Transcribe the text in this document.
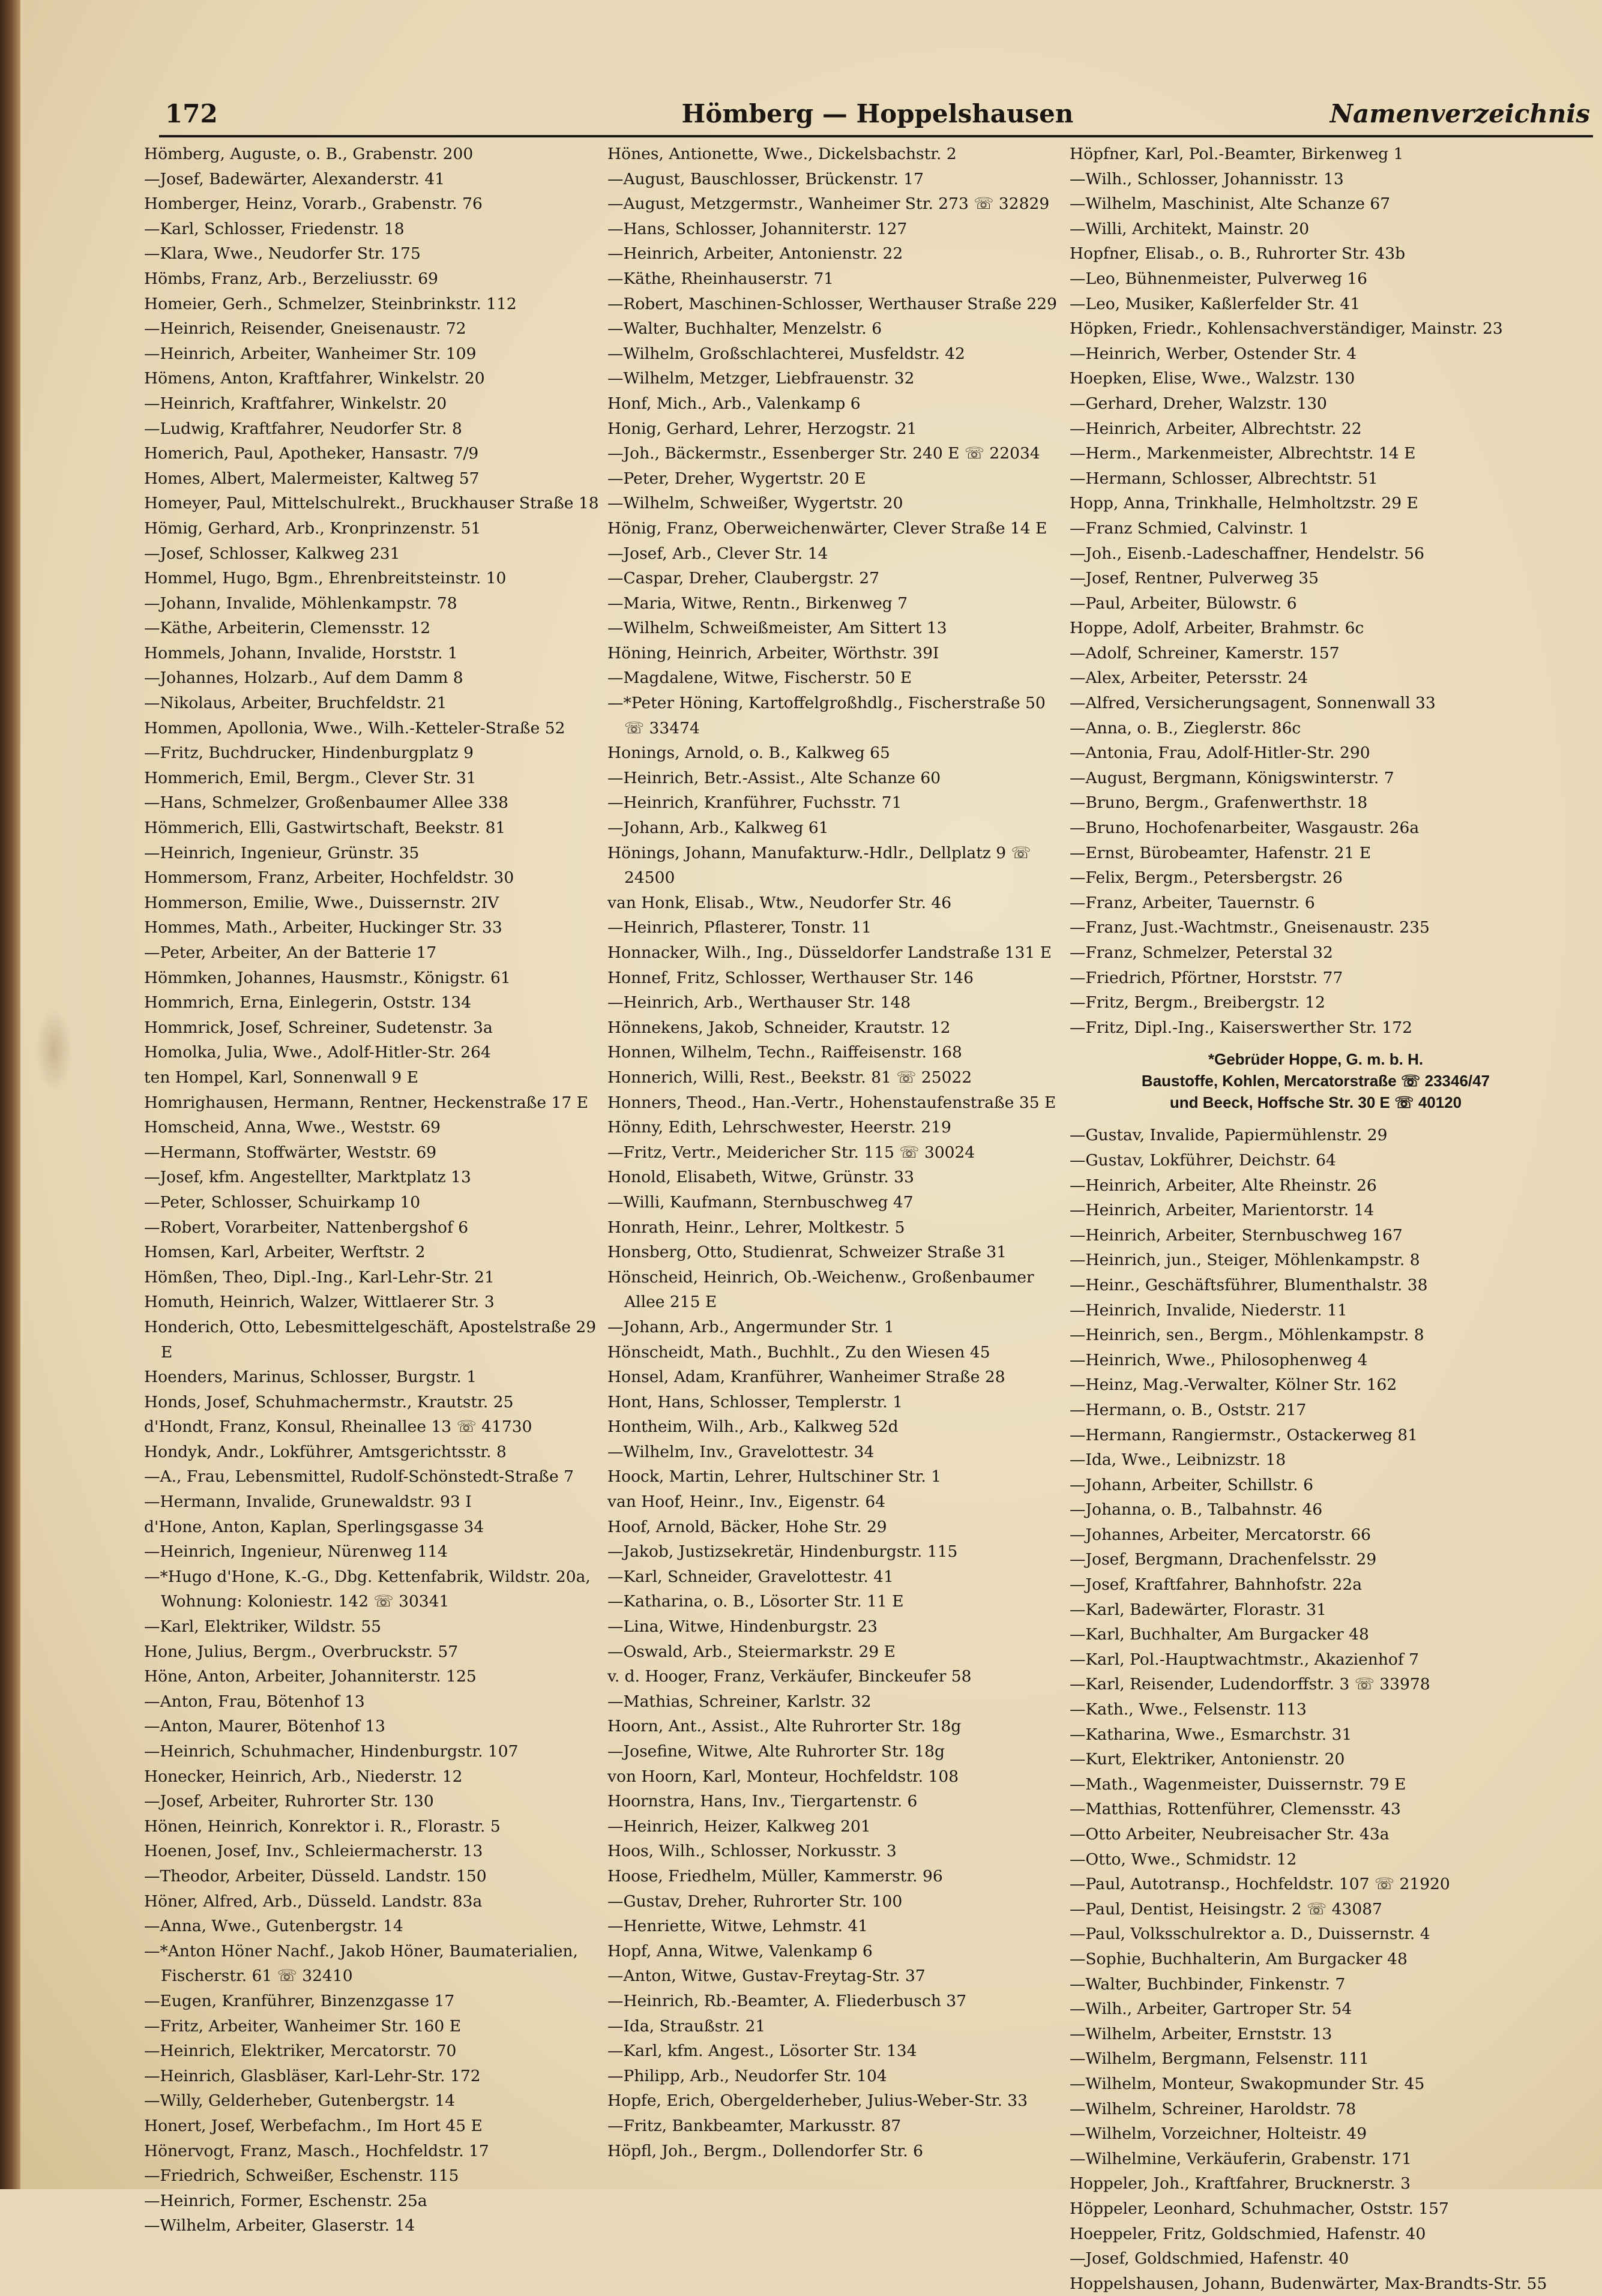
172	Hömberg — Hoppelshausen	Namenverzeichnis

Hömberg, Auguste, o. B., Grabenstr. 200

—Josef, Badewärter, Alexanderstr. 41

Homberger, Heinz, Vorarb., Grabenstr. 76

—Karl, Schlosser, Friedenstr. 18

—Klara, Wwe., Neudorfer Str. 175

Hömbs, Franz, Arb., Berzeliusstr. 69

Homeier, Gerh., Schmelzer, Steinbrinkstr. 112

—Heinrich, Reisender, Gneisenaustr. 72

—Heinrich, Arbeiter, Wanheimer Str. 109

Hömens, Anton, Kraftfahrer, Winkelstr. 20

—Heinrich, Kraftfahrer, Winkelstr. 20

—Ludwig, Kraftfahrer, Neudorfer Str. 8

Homerich, Paul, Apotheker, Hansastr. 7/9

Homes, Albert, Malermeister, Kaltweg 57

Homeyer, Paul, Mittelschulrekt., Bruckhauser Straße 18

Hömig, Gerhard, Arb., Kronprinzenstr. 51

—Josef, Schlosser, Kalkweg 231

Hommel, Hugo, Bgm., Ehrenbreitsteinstr. 10

—Johann, Invalide, Möhlenkampstr. 78

—Käthe, Arbeiterin, Clemensstr. 12

Hommels, Johann, Invalide, Horststr. 1

—Johannes, Holzarb., Auf dem Damm 8

—Nikolaus, Arbeiter, Bruchfeldstr. 21

Hommen, Apollonia, Wwe., Wilh.-Ketteler-Straße 52

—Fritz, Buchdrucker, Hindenburgplatz 9

Hommerich, Emil, Bergm., Clever Str. 31

—Hans, Schmelzer, Großenbaumer Allee 338

Hömmerich, Elli, Gastwirtschaft, Beekstr. 81

—Heinrich, Ingenieur, Grünstr. 35

Hommersom, Franz, Arbeiter, Hochfeldstr. 30

Hommerson, Emilie, Wwe., Duissernstr. 2IV

Hommes, Math., Arbeiter, Huckinger Str. 33

—Peter, Arbeiter, An der Batterie 17

Hömmken, Johannes, Hausmstr., Königstr. 61

Hommrich, Erna, Einlegerin, Oststr. 134

Hommrick, Josef, Schreiner, Sudetenstr. 3a

Homolka, Julia, Wwe., Adolf-Hitler-Str. 264

ten Hompel, Karl, Sonnenwall 9 E

Homrighausen, Hermann, Rentner, Heckenstraße 17 E

Homscheid, Anna, Wwe., Weststr. 69

—Hermann, Stoffwärter, Weststr. 69

—Josef, kfm. Angestellter, Marktplatz 13

—Peter, Schlosser, Schuirkamp 10

—Robert, Vorarbeiter, Nattenbergshof 6

Homsen, Karl, Arbeiter, Werftstr. 2

Hömßen, Theo, Dipl.-Ing., Karl-Lehr-Str. 21

Homuth, Heinrich, Walzer, Wittlaerer Str. 3

Honderich, Otto, Lebesmittelgeschäft, Apostelstraße 29 E

Hoenders, Marinus, Schlosser, Burgstr. 1

Honds, Josef, Schuhmachermstr., Krautstr. 25

d'Hondt, Franz, Konsul, Rheinallee 13 ☏ 41730

Hondyk, Andr., Lokführer, Amtsgerichtsstr. 8

—A., Frau, Lebensmittel, Rudolf-Schönstedt-Straße 7

—Hermann, Invalide, Grunewaldstr. 93 I

d'Hone, Anton, Kaplan, Sperlingsgasse 34

—Heinrich, Ingenieur, Nürenweg 114

—*Hugo d'Hone, K.-G., Dbg. Kettenfabrik, Wildstr. 20a, Wohnung: Koloniestr. 142 ☏ 30341

—Karl, Elektriker, Wildstr. 55

Hone, Julius, Bergm., Overbruckstr. 57

Höne, Anton, Arbeiter, Johanniterstr. 125

—Anton, Frau, Bötenhof 13

—Anton, Maurer, Bötenhof 13

—Heinrich, Schuhmacher, Hindenburgstr. 107

Honecker, Heinrich, Arb., Niederstr. 12

—Josef, Arbeiter, Ruhrorter Str. 130

Hönen, Heinrich, Konrektor i. R., Florastr. 5

Hoenen, Josef, Inv., Schleiermacherstr. 13

—Theodor, Arbeiter, Düsseld. Landstr. 150

Höner, Alfred, Arb., Düsseld. Landstr. 83a

—Anna, Wwe., Gutenbergstr. 14

—*Anton Höner Nachf., Jakob Höner, Baumaterialien, Fischerstr. 61 ☏ 32410

—Eugen, Kranführer, Binzenzgasse 17

—Fritz, Arbeiter, Wanheimer Str. 160 E

—Heinrich, Elektriker, Mercatorstr. 70

—Heinrich, Glasbläser, Karl-Lehr-Str. 172

—Willy, Gelderheber, Gutenbergstr. 14

Honert, Josef, Werbefachm., Im Hort 45 E

Hönervogt, Franz, Masch., Hochfeldstr. 17

—Friedrich, Schweißer, Eschenstr. 115

—Heinrich, Former, Eschenstr. 25a

—Wilhelm, Arbeiter, Glaserstr. 14

Hönes, Antionette, Wwe., Dickelsbachstr. 2

—August, Bauschlosser, Brückenstr. 17

—August, Metzgermstr., Wanheimer Str. 273 ☏ 32829

—Hans, Schlosser, Johanniterstr. 127

—Heinrich, Arbeiter, Antonienstr. 22

—Käthe, Rheinhauserstr. 71

—Robert, Maschinen-Schlosser, Werthauser Straße 229

—Walter, Buchhalter, Menzelstr. 6

—Wilhelm, Großschlachterei, Musfeldstr. 42

—Wilhelm, Metzger, Liebfrauenstr. 32

Honf, Mich., Arb., Valenkamp 6

Honig, Gerhard, Lehrer, Herzogstr. 21

—Joh., Bäckermstr., Essenberger Str. 240 E ☏ 22034

—Peter, Dreher, Wygertstr. 20 E

—Wilhelm, Schweißer, Wygertstr. 20

Hönig, Franz, Oberweichenwärter, Clever Straße 14 E

—Josef, Arb., Clever Str. 14

—Caspar, Dreher, Claubergstr. 27

—Maria, Witwe, Rentn., Birkenweg 7

—Wilhelm, Schweißmeister, Am Sittert 13

Höning, Heinrich, Arbeiter, Wörthstr. 39I

—Magdalene, Witwe, Fischerstr. 50 E

—*Peter Höning, Kartoffelgroßhdlg., Fischerstraße 50 ☏ 33474

Honings, Arnold, o. B., Kalkweg 65

—Heinrich, Betr.-Assist., Alte Schanze 60

—Heinrich, Kranführer, Fuchsstr. 71

—Johann, Arb., Kalkweg 61

Hönings, Johann, Manufakturw.-Hdlr., Dellplatz 9 ☏ 24500

van Honk, Elisab., Wtw., Neudorfer Str. 46

—Heinrich, Pflasterer, Tonstr. 11

Honnacker, Wilh., Ing., Düsseldorfer Landstraße 131 E

Honnef, Fritz, Schlosser, Werthauser Str. 146

—Heinrich, Arb., Werthauser Str. 148

Hönnekens, Jakob, Schneider, Krautstr. 12

Honnen, Wilhelm, Techn., Raiffeisenstr. 168

Honnerich, Willi, Rest., Beekstr. 81 ☏ 25022

Honners, Theod., Han.-Vertr., Hohenstaufenstraße 35 E

Hönny, Edith, Lehrschwester, Heerstr. 219

—Fritz, Vertr., Meidericher Str. 115 ☏ 30024

Honold, Elisabeth, Witwe, Grünstr. 33

—Willi, Kaufmann, Sternbuschweg 47

Honrath, Heinr., Lehrer, Moltkestr. 5

Honsberg, Otto, Studienrat, Schweizer Straße 31

Hönscheid, Heinrich, Ob.-Weichenw., Großenbaumer Allee 215 E

—Johann, Arb., Angermunder Str. 1

Hönscheidt, Math., Buchhlt., Zu den Wiesen 45

Honsel, Adam, Kranführer, Wanheimer Straße 28

Hont, Hans, Schlosser, Templerstr. 1

Hontheim, Wilh., Arb., Kalkweg 52d

—Wilhelm, Inv., Gravelottestr. 34

Hoock, Martin, Lehrer, Hultschiner Str. 1

van Hoof, Heinr., Inv., Eigenstr. 64

Hoof, Arnold, Bäcker, Hohe Str. 29

—Jakob, Justizsekretär, Hindenburgstr. 115

—Karl, Schneider, Gravelottestr. 41

—Katharina, o. B., Lösorter Str. 11 E

—Lina, Witwe, Hindenburgstr. 23

—Oswald, Arb., Steiermarkstr. 29 E

v. d. Hooger, Franz, Verkäufer, Binckeufer 58

—Mathias, Schreiner, Karlstr. 32

Hoorn, Ant., Assist., Alte Ruhrorter Str. 18g

—Josefine, Witwe, Alte Ruhrorter Str. 18g

von Hoorn, Karl, Monteur, Hochfeldstr. 108

Hoornstra, Hans, Inv., Tiergartenstr. 6

—Heinrich, Heizer, Kalkweg 201

Hoos, Wilh., Schlosser, Norkusstr. 3

Hoose, Friedhelm, Müller, Kammerstr. 96

—Gustav, Dreher, Ruhrorter Str. 100

—Henriette, Witwe, Lehmstr. 41

Hopf, Anna, Witwe, Valenkamp 6

—Anton, Witwe, Gustav-Freytag-Str. 37

—Heinrich, Rb.-Beamter, A. Fliederbusch 37

—Ida, Straußstr. 21

—Karl, kfm. Angest., Lösorter Str. 134

—Philipp, Arb., Neudorfer Str. 104

Hopfe, Erich, Obergelderheber, Julius-Weber-Str. 33

—Fritz, Bankbeamter, Markusstr. 87

Höpfl, Joh., Bergm., Dollendorfer Str. 6

Höpfner, Karl, Pol.-Beamter, Birkenweg 1

—Wilh., Schlosser, Johannisstr. 13

—Wilhelm, Maschinist, Alte Schanze 67

—Willi, Architekt, Mainstr. 20

Hopfner, Elisab., o. B., Ruhrorter Str. 43b

—Leo, Bühnenmeister, Pulverweg 16

—Leo, Musiker, Kaßlerfelder Str. 41

Höpken, Friedr., Kohlensachverständiger, Mainstr. 23

—Heinrich, Werber, Ostender Str. 4

Hoepken, Elise, Wwe., Walzstr. 130

—Gerhard, Dreher, Walzstr. 130

—Heinrich, Arbeiter, Albrechtstr. 22

—Herm., Markenmeister, Albrechtstr. 14 E

—Hermann, Schlosser, Albrechtstr. 51

Hopp, Anna, Trinkhalle, Helmholtzstr. 29 E

—Franz Schmied, Calvinstr. 1

—Joh., Eisenb.-Ladeschaffner, Hendelstr. 56

—Josef, Rentner, Pulverweg 35

—Paul, Arbeiter, Bülowstr. 6

Hoppe, Adolf, Arbeiter, Brahmstr. 6c

—Adolf, Schreiner, Kamerstr. 157

—Alex, Arbeiter, Petersstr. 24

—Alfred, Versicherungsagent, Sonnenwall 33

—Anna, o. B., Zieglerstr. 86c

—Antonia, Frau, Adolf-Hitler-Str. 290

—August, Bergmann, Königswinterstr. 7

—Bruno, Bergm., Grafenwerthstr. 18

—Bruno, Hochofenarbeiter, Wasgaustr. 26a

—Ernst, Bürobeamter, Hafenstr. 21 E

—Felix, Bergm., Petersbergstr. 26

—Franz, Arbeiter, Tauernstr. 6

—Franz, Just.-Wachtmstr., Gneisenaustr. 235

—Franz, Schmelzer, Peterstal 32

—Friedrich, Pförtner, Horststr. 77

—Fritz, Bergm., Breibergstr. 12

—Fritz, Dipl.-Ing., Kaiserswerther Str. 172

*Gebrüder Hoppe, G. m. b. H.
Baustoffe, Kohlen, Mercatorstraße ☏ 23346/47
und Beeck, Hoffsche Str. 30 E ☏ 40120

—Gustav, Invalide, Papiermühlenstr. 29

—Gustav, Lokführer, Deichstr. 64

—Heinrich, Arbeiter, Alte Rheinstr. 26

—Heinrich, Arbeiter, Marientorstr. 14

—Heinrich, Arbeiter, Sternbuschweg 167

—Heinrich, jun., Steiger, Möhlenkampstr. 8

—Heinr., Geschäftsführer, Blumenthalstr. 38

—Heinrich, Invalide, Niederstr. 11

—Heinrich, sen., Bergm., Möhlenkampstr. 8

—Heinrich, Wwe., Philosophenweg 4

—Heinz, Mag.-Verwalter, Kölner Str. 162

—Hermann, o. B., Oststr. 217

—Hermann, Rangiermstr., Ostackerweg 81

—Ida, Wwe., Leibnizstr. 18

—Johann, Arbeiter, Schillstr. 6

—Johanna, o. B., Talbahnstr. 46

—Johannes, Arbeiter, Mercatorstr. 66

—Josef, Bergmann, Drachenfelsstr. 29

—Josef, Kraftfahrer, Bahnhofstr. 22a

—Karl, Badewärter, Florastr. 31

—Karl, Buchhalter, Am Burgacker 48

—Karl, Pol.-Hauptwachtmstr., Akazienhof 7

—Karl, Reisender, Ludendorffstr. 3 ☏ 33978

—Kath., Wwe., Felsenstr. 113

—Katharina, Wwe., Esmarchstr. 31

—Kurt, Elektriker, Antonienstr. 20

—Math., Wagenmeister, Duissernstr. 79 E

—Matthias, Rottenführer, Clemensstr. 43

—Otto Arbeiter, Neubreisacher Str. 43a

—Otto, Wwe., Schmidstr. 12

—Paul, Autotransp., Hochfeldstr. 107 ☏ 21920

—Paul, Dentist, Heisingstr. 2 ☏ 43087

—Paul, Volksschulrektor a. D., Duissernstr. 4

—Sophie, Buchhalterin, Am Burgacker 48

—Walter, Buchbinder, Finkenstr. 7

—Wilh., Arbeiter, Gartroper Str. 54

—Wilhelm, Arbeiter, Ernststr. 13

—Wilhelm, Bergmann, Felsenstr. 111

—Wilhelm, Monteur, Swakopmunder Str. 45

—Wilhelm, Schreiner, Haroldstr. 78

—Wilhelm, Vorzeichner, Holteistr. 49

—Wilhelmine, Verkäuferin, Grabenstr. 171

Hoppeler, Joh., Kraftfahrer, Brucknerstr. 3

Höppeler, Leonhard, Schuhmacher, Oststr. 157

Hoeppeler, Fritz, Goldschmied, Hafenstr. 40

—Josef, Goldschmied, Hafenstr. 40

Hoppelshausen, Johann, Budenwärter, Max-Brandts-Str. 55
